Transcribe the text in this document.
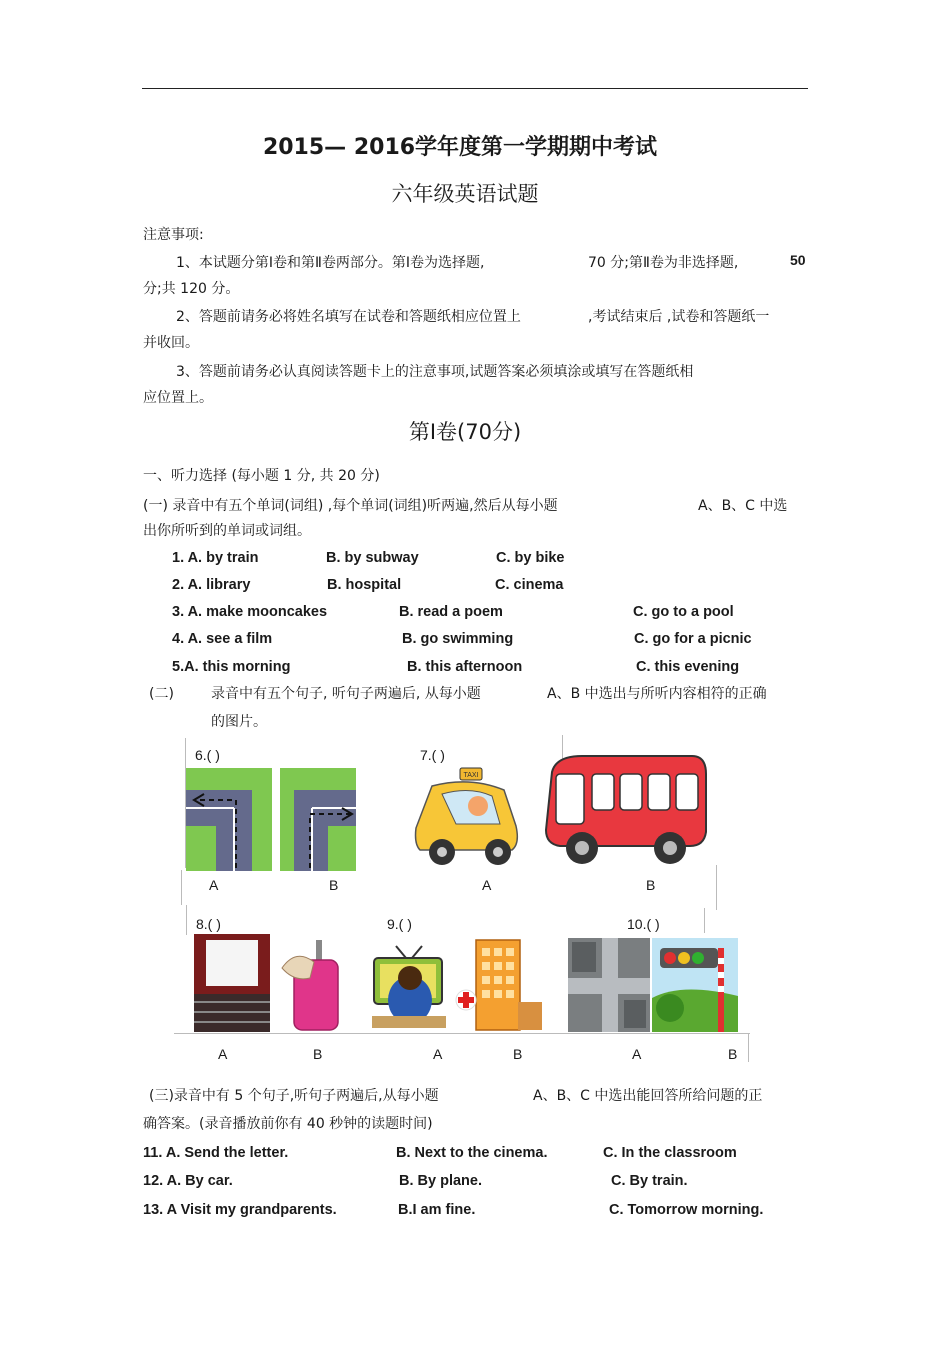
2015— 2016学年度第一学期期中考试
六年级英语试题
注意事项:
1、本试题分第Ⅰ卷和第Ⅱ卷两部分。第Ⅰ卷为选择题,	70 分;第Ⅱ卷为非选择题,	50
分;共 120 分。
2、答题前请务必将姓名填写在试卷和答题纸相应位置上	,考试结束后 ,试卷和答题纸一
并收回。
3、答题前请务必认真阅读答题卡上的注意事项,试题答案必须填涂或填写在答题纸相
应位置上。
第Ⅰ卷(70分)
一、听力选择 (每小题 1 分, 共 20 分)
(一) 录音中有五个单词(词组) ,每个单词(词组)听两遍,然后从每小题	A、B、C 中选
出你所听到的单词或词组。
1. A. by train	B. by subway	C. by bike
2. A. library	B. hospital	C. cinema
3. A. make mooncakes	B. read a poem	C. go to a pool
4. A. see a film	B. go swimming	C. go for a picnic
5.A. this morning	B. this afternoon	C. this evening
(二)	录音中有五个句子, 听句子两遍后, 从每小题	A、B 中选出与所听内容相符的正确
的图片。
6.( )	7.( )
TAXI
A	B	A	B
8.( )	9.( )	10.( )
A	B	A	B	A	B
(三)录音中有 5 个句子,听句子两遍后,从每小题	A、B、C 中选出能回答所给问题的正
确答案。(录音播放前你有 40 秒钟的读题时间)
11. A. Send the letter.	B. Next to the cinema.	C. In the classroom
12. A. By car.	B. By plane.	C. By train.
13. A Visit my grandparents.	B.I am fine.	C. Tomorrow morning.
